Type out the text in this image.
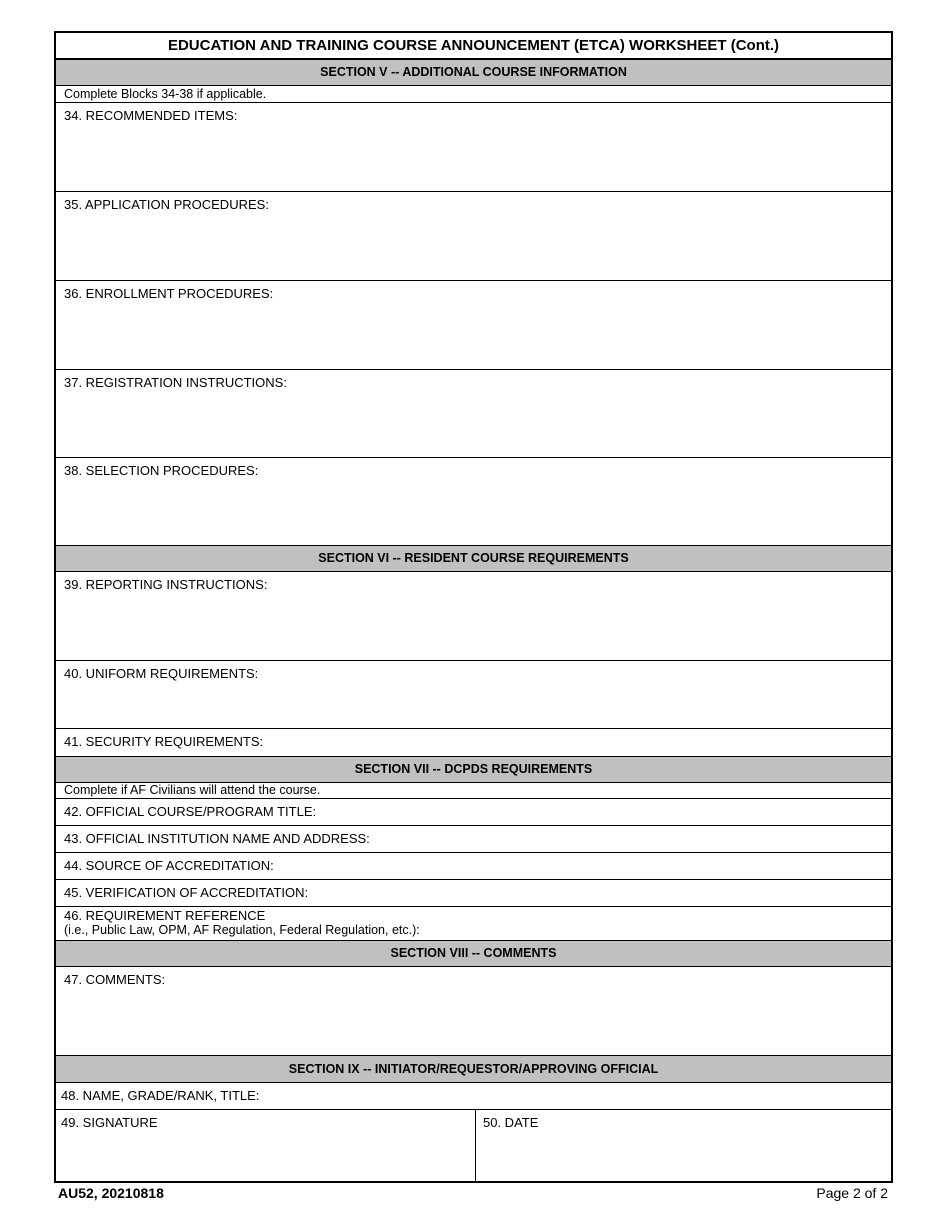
EDUCATION AND TRAINING COURSE ANNOUNCEMENT (ETCA) WORKSHEET (Cont.)
SECTION V -- ADDITIONAL COURSE INFORMATION
Complete Blocks 34-38 if applicable.
34. RECOMMENDED ITEMS:
35. APPLICATION PROCEDURES:
36. ENROLLMENT PROCEDURES:
37. REGISTRATION INSTRUCTIONS:
38. SELECTION PROCEDURES:
SECTION VI -- RESIDENT COURSE REQUIREMENTS
39. REPORTING INSTRUCTIONS:
40. UNIFORM REQUIREMENTS:
41. SECURITY REQUIREMENTS:
SECTION VII -- DCPDS REQUIREMENTS
Complete if AF Civilians will attend the course.
42. OFFICIAL COURSE/PROGRAM TITLE:
43. OFFICIAL INSTITUTION NAME AND ADDRESS:
44. SOURCE OF ACCREDITATION:
45. VERIFICATION OF ACCREDITATION:
46. REQUIREMENT REFERENCE
(i.e., Public Law, OPM, AF Regulation, Federal Regulation, etc.):
SECTION VIII -- COMMENTS
47. COMMENTS:
SECTION IX -- INITIATOR/REQUESTOR/APPROVING OFFICIAL
48. NAME, GRADE/RANK, TITLE:
49. SIGNATURE	50. DATE
AU52, 20210818	Page 2 of 2
